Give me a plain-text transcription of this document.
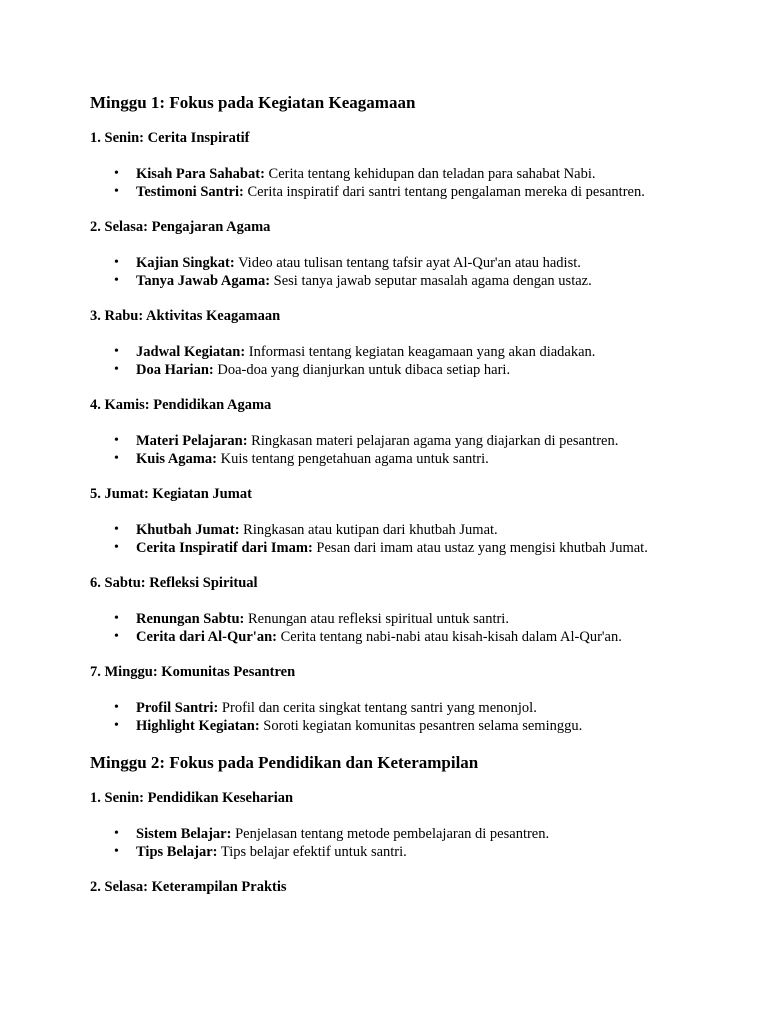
Minggu 1: Fokus pada Kegiatan Keagamaan
1. Senin: Cerita Inspiratif
• Kisah Para Sahabat: Cerita tentang kehidupan dan teladan para sahabat Nabi.
• Testimoni Santri: Cerita inspiratif dari santri tentang pengalaman mereka di pesantren.
2. Selasa: Pengajaran Agama
• Kajian Singkat: Video atau tulisan tentang tafsir ayat Al-Qur'an atau hadist.
• Tanya Jawab Agama: Sesi tanya jawab seputar masalah agama dengan ustaz.
3. Rabu: Aktivitas Keagamaan
• Jadwal Kegiatan: Informasi tentang kegiatan keagamaan yang akan diadakan.
• Doa Harian: Doa-doa yang dianjurkan untuk dibaca setiap hari.
4. Kamis: Pendidikan Agama
• Materi Pelajaran: Ringkasan materi pelajaran agama yang diajarkan di pesantren.
• Kuis Agama: Kuis tentang pengetahuan agama untuk santri.
5. Jumat: Kegiatan Jumat
• Khutbah Jumat: Ringkasan atau kutipan dari khutbah Jumat.
• Cerita Inspiratif dari Imam: Pesan dari imam atau ustaz yang mengisi khutbah Jumat.
6. Sabtu: Refleksi Spiritual
• Renungan Sabtu: Renungan atau refleksi spiritual untuk santri.
• Cerita dari Al-Qur'an: Cerita tentang nabi-nabi atau kisah-kisah dalam Al-Qur'an.
7. Minggu: Komunitas Pesantren
• Profil Santri: Profil dan cerita singkat tentang santri yang menonjol.
• Highlight Kegiatan: Soroti kegiatan komunitas pesantren selama seminggu.
Minggu 2: Fokus pada Pendidikan dan Keterampilan
1. Senin: Pendidikan Keseharian
• Sistem Belajar: Penjelasan tentang metode pembelajaran di pesantren.
• Tips Belajar: Tips belajar efektif untuk santri.
2. Selasa: Keterampilan Praktis
